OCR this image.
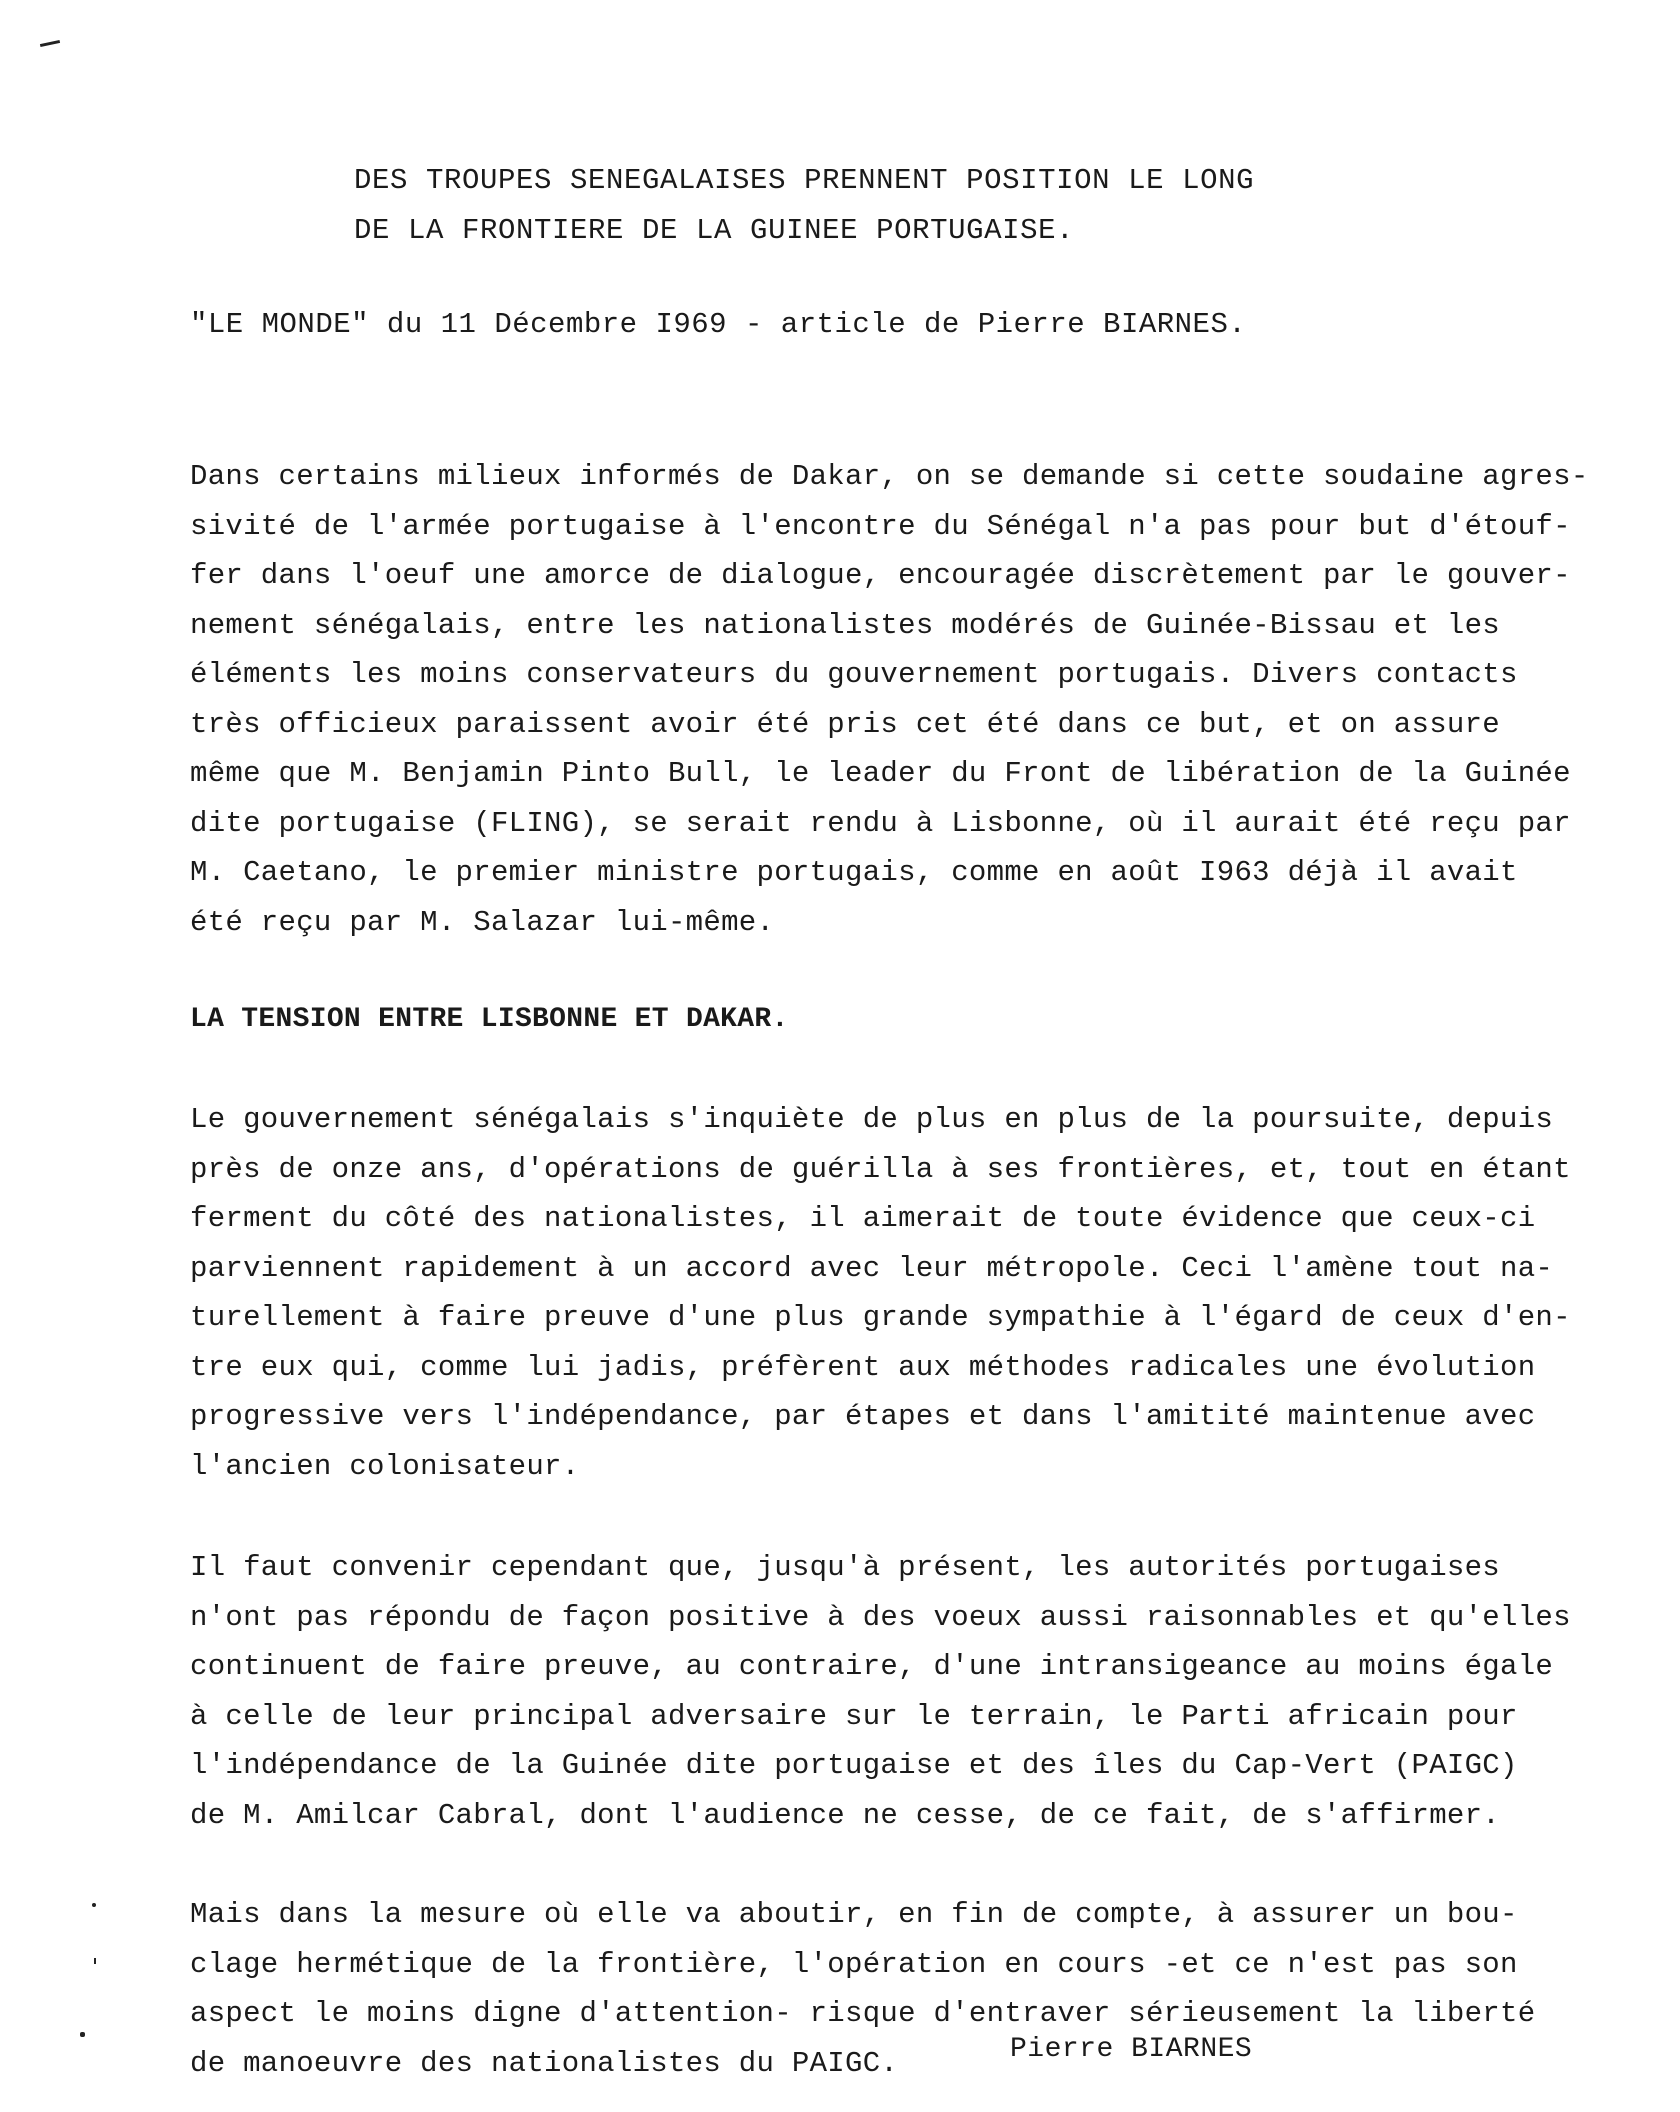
DES TROUPES SENEGALAISES PRENNENT POSITION LE LONG
DE LA FRONTIERE DE LA GUINEE PORTUGAISE.
"LE MONDE" du 11 Décembre I969 - article de Pierre BIARNES.

Dans certains milieux informés de Dakar, on se demande si cette soudaine agres-
sivité de l'armée portugaise à l'encontre du Sénégal n'a pas pour but d'étouf-
fer dans l'oeuf une amorce de dialogue, encouragée discrètement par le gouver-
nement sénégalais, entre les nationalistes modérés de Guinée-Bissau et les
éléments les moins conservateurs du gouvernement portugais. Divers contacts
très officieux paraissent avoir été pris cet été dans ce but, et on assure
même que M. Benjamin Pinto Bull, le leader du Front de libération de la Guinée
dite portugaise (FLING), se serait rendu à Lisbonne, où il aurait été reçu par
M. Caetano, le premier ministre portugais, comme en août I963 déjà il avait
été reçu par M. Salazar lui-même.

LA TENSION ENTRE LISBONNE ET DAKAR.

Le gouvernement sénégalais s'inquiète de plus en plus de la poursuite, depuis
près de onze ans, d'opérations de guérilla à ses frontières, et, tout en étant
ferment du côté des nationalistes, il aimerait de toute évidence que ceux-ci
parviennent rapidement à un accord avec leur métropole. Ceci l'amène tout na-
turellement à faire preuve d'une plus grande sympathie à l'égard de ceux d'en-
tre eux qui, comme lui jadis, préfèrent aux méthodes radicales une évolution
progressive vers l'indépendance, par étapes et dans l'amitité maintenue avec
l'ancien colonisateur.

Il faut convenir cependant que, jusqu'à présent, les autorités portugaises
n'ont pas répondu de façon positive à des voeux aussi raisonnables et qu'elles
continuent de faire preuve, au contraire, d'une intransigeance au moins égale
à celle de leur principal adversaire sur le terrain, le Parti africain pour
l'indépendance de la Guinée dite portugaise et des îles du Cap-Vert (PAIGC)
de M. Amilcar Cabral, dont l'audience ne cesse, de ce fait, de s'affirmer.

Mais dans la mesure où elle va aboutir, en fin de compte, à assurer un bou-
clage hermétique de la frontière, l'opération en cours -et ce n'est pas son
aspect le moins digne d'attention- risque d'entraver sérieusement la liberté
de manoeuvre des nationalistes du PAIGC.	Pierre BIARNES
